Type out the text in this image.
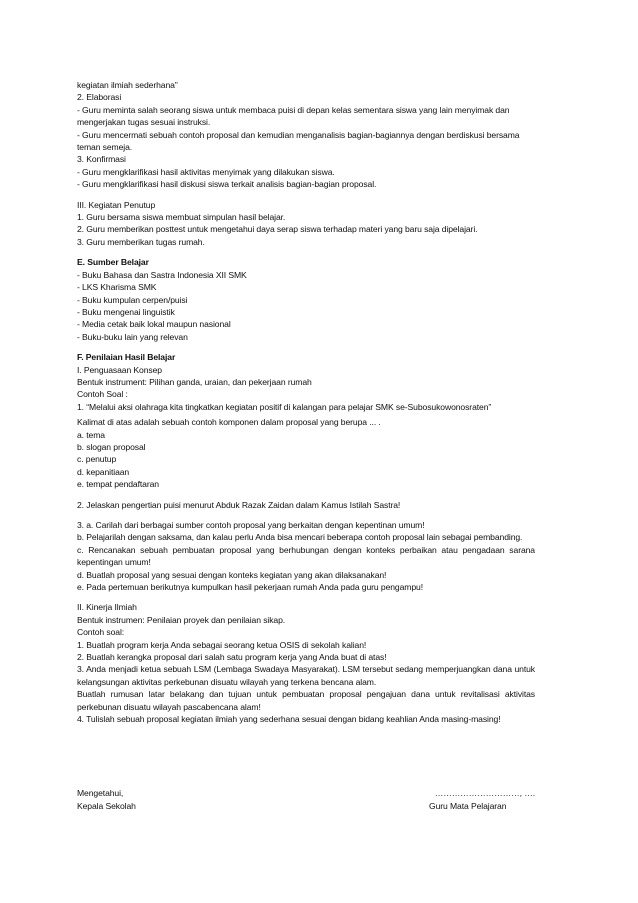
kegiatan ilmiah sederhana”
2. Elaborasi
- Guru meminta salah seorang siswa untuk membaca puisi di depan kelas sementara siswa yang lain menyimak dan
mengerjakan tugas sesuai instruksi.
- Guru mencermati sebuah contoh proposal dan kemudian menganalisis bagian-bagiannya dengan berdiskusi bersama
teman semeja.
3. Konfirmasi
- Guru mengklarifikasi hasil aktivitas menyimak yang dilakukan siswa.
- Guru mengklarifikasi hasil diskusi siswa terkait analisis bagian-bagian proposal.
III. Kegiatan Penutup
1. Guru bersama siswa membuat simpulan hasil belajar.
2. Guru memberikan posttest untuk mengetahui daya serap siswa terhadap materi yang baru saja dipelajari.
3. Guru memberikan tugas rumah.
E. Sumber Belajar
- Buku Bahasa dan Sastra Indonesia XII SMK
- LKS Kharisma SMK
- Buku kumpulan cerpen/puisi
- Buku mengenai linguistik
- Media cetak baik lokal maupun nasional
- Buku-buku lain yang relevan
F. Penilaian Hasil Belajar
I. Penguasaan Konsep
Bentuk instrument: Pilihan ganda, uraian, dan pekerjaan rumah
Contoh Soal :
1. “Melalui aksi olahraga kita tingkatkan kegiatan positif di kalangan para pelajar SMK se-Subosukowonosraten”
Kalimat di atas adalah sebuah contoh komponen dalam proposal yang berupa ... .
a. tema
b. slogan proposal
c. penutup
d. kepanitiaan
e. tempat pendaftaran
2. Jelaskan pengertian puisi menurut Abduk Razak Zaidan dalam Kamus Istilah Sastra!
3. a. Carilah dari berbagai sumber contoh proposal yang berkaitan dengan kepentinan umum!
b. Pelajarilah dengan saksama, dan kalau perlu Anda bisa mencari beberapa contoh proposal lain sebagai pembanding.
c. Rencanakan sebuah pembuatan proposal yang berhubungan dengan konteks perbaikan atau pengadaan sarana kepentingan umum!
d. Buatlah proposal yang sesuai dengan konteks kegiatan yang akan dilaksanakan!
e. Pada pertemuan berikutnya kumpulkan hasil pekerjaan rumah Anda pada guru pengampu!
II. Kinerja Ilmiah
Bentuk instrumen: Penilaian proyek dan penilaian sikap.
Contoh soal:
1. Buatlah program kerja Anda sebagai seorang ketua OSIS di sekolah kalian!
2. Buatlah kerangka proposal dari salah satu program kerja yang Anda buat di atas!
3. Anda menjadi ketua sebuah LSM (Lembaga Swadaya Masyarakat). LSM tersebut sedang memperjuangkan dana untuk kelangsungan aktivitas perkebunan disuatu wilayah yang terkena bencana alam.
Buatlah rumusan latar belakang dan tujuan untuk pembuatan proposal pengajuan dana untuk revitalisasi aktivitas perkebunan disuatu wilayah pascabencana alam!
4. Tulislah sebuah proposal kegiatan ilmiah yang sederhana sesuai dengan bidang keahlian Anda masing-masing!
Mengetahui,
Kepala Sekolah
…………………………, ….
Guru Mata Pelajaran
